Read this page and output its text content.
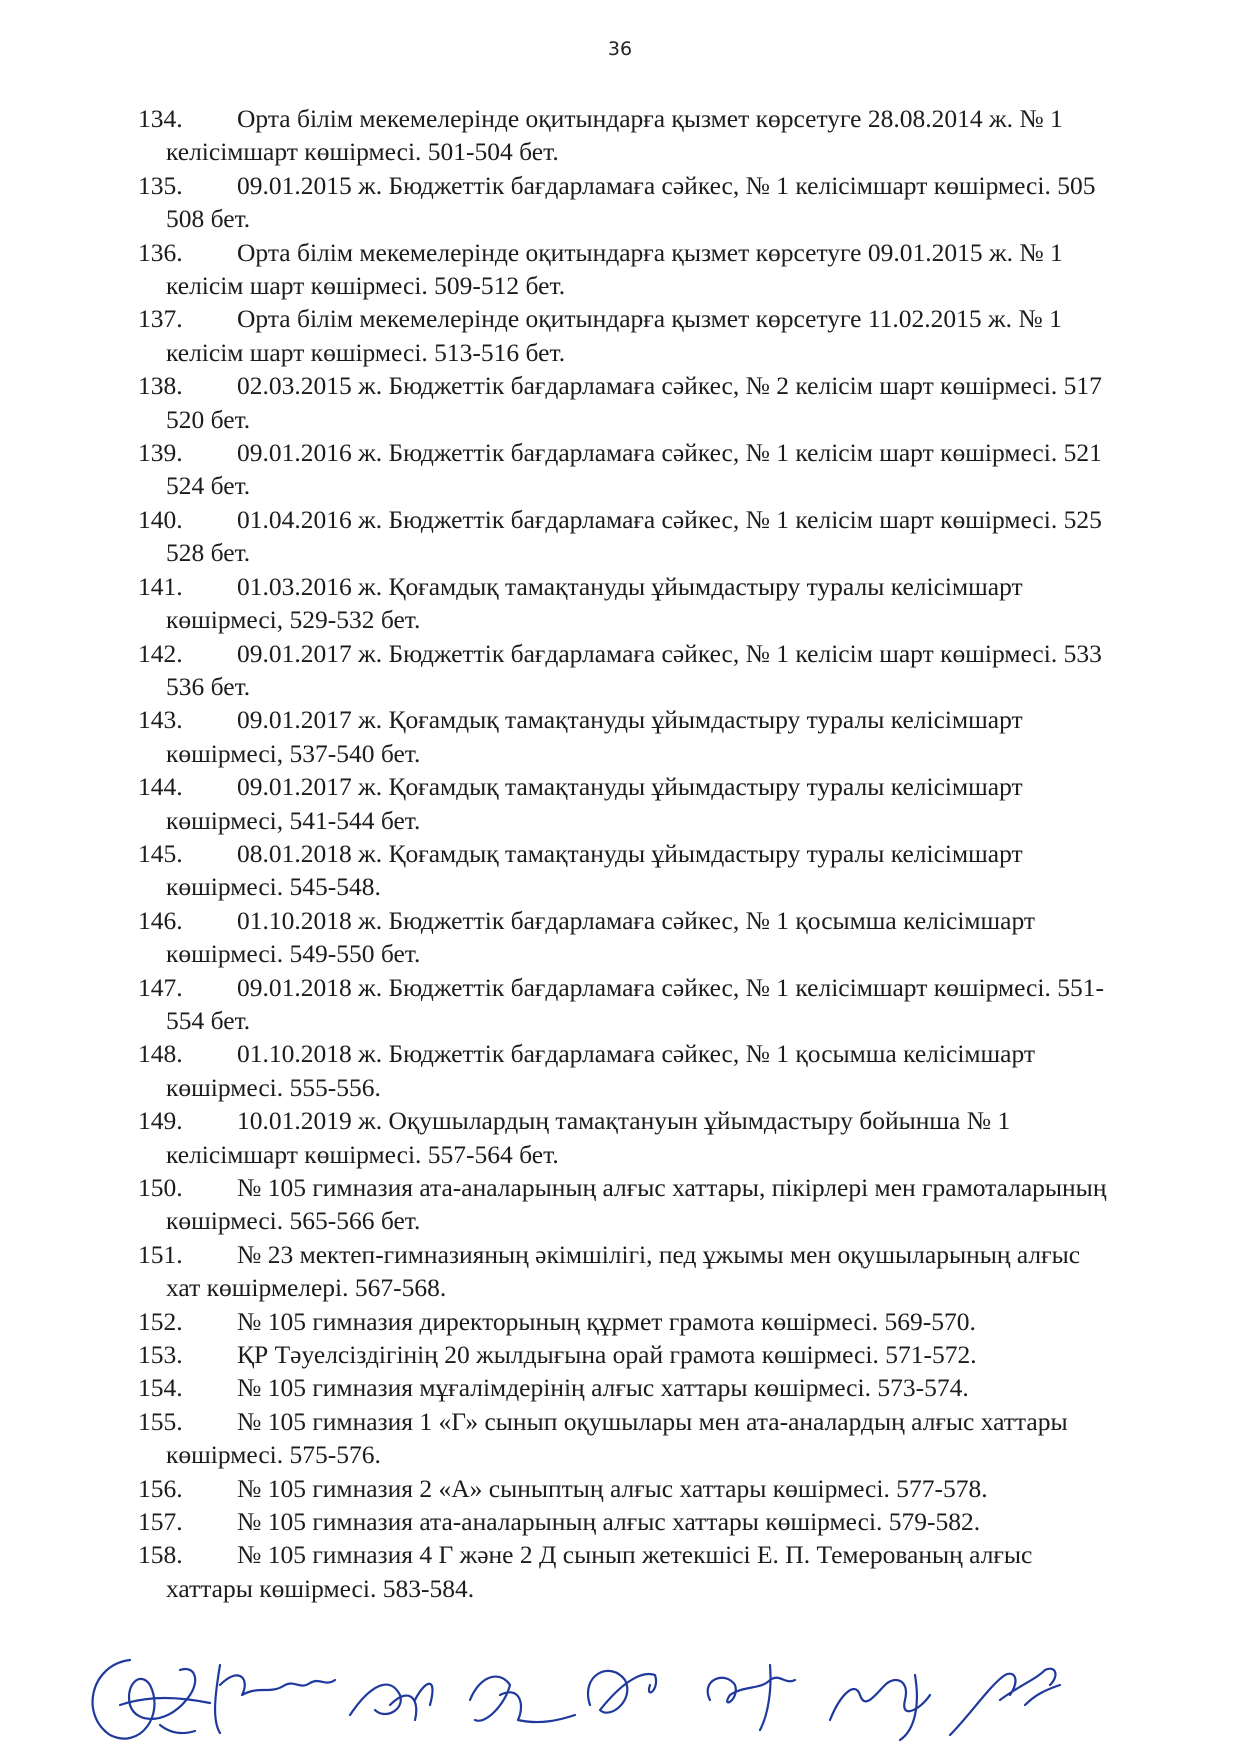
36
134. Орта білім мекемелерінде оқитындарға қызмет көрсетуге 28.08.2014 ж. № 1
келісімшарт көшірмесі. 501-504 бет.
135. 09.01.2015 ж. Бюджеттік бағдарламаға сәйкес, № 1 келісімшарт көшірмесі. 505
508 бет.
136. Орта білім мекемелерінде оқитындарға қызмет көрсетуге 09.01.2015 ж. № 1
келісім шарт көшірмесі. 509-512 бет.
137. Орта білім мекемелерінде оқитындарға қызмет көрсетуге 11.02.2015 ж. № 1
келісім шарт көшірмесі. 513-516 бет.
138. 02.03.2015 ж. Бюджеттік бағдарламаға сәйкес, № 2 келісім шарт көшірмесі. 517
520 бет.
139. 09.01.2016 ж. Бюджеттік бағдарламаға сәйкес, № 1 келісім шарт көшірмесі. 521
524 бет.
140. 01.04.2016 ж. Бюджеттік бағдарламаға сәйкес, № 1 келісім шарт көшірмесі. 525
528 бет.
141. 01.03.2016 ж. Қоғамдық тамақтануды ұйымдастыру туралы келісімшарт
көшірмесі, 529-532 бет.
142. 09.01.2017 ж. Бюджеттік бағдарламаға сәйкес, № 1 келісім шарт көшірмесі. 533
536 бет.
143. 09.01.2017 ж. Қоғамдық тамақтануды ұйымдастыру туралы келісімшарт
көшірмесі, 537-540 бет.
144. 09.01.2017 ж. Қоғамдық тамақтануды ұйымдастыру туралы келісімшарт
көшірмесі, 541-544 бет.
145. 08.01.2018 ж. Қоғамдық тамақтануды ұйымдастыру туралы келісімшарт
көшірмесі. 545-548.
146. 01.10.2018 ж. Бюджеттік бағдарламаға сәйкес, № 1 қосымша келісімшарт
көшірмесі. 549-550 бет.
147. 09.01.2018 ж. Бюджеттік бағдарламаға сәйкес, № 1 келісімшарт көшірмесі. 551-
554 бет.
148. 01.10.2018 ж. Бюджеттік бағдарламаға сәйкес, № 1 қосымша келісімшарт
көшірмесі. 555-556.
149. 10.01.2019 ж. Оқушылардың тамақтануын ұйымдастыру бойынша № 1
келісімшарт көшірмесі. 557-564 бет.
150. № 105 гимназия ата-аналарының алғыс хаттары, пікірлері мен грамоталарының
көшірмесі. 565-566 бет.
151. № 23 мектеп-гимназияның әкімшілігі, пед ұжымы мен оқушыларының алғыс
хат көшірмелері. 567-568.
152. № 105 гимназия директорының құрмет грамота көшірмесі. 569-570.
153. ҚР Тәуелсіздігінің 20 жылдығына орай грамота көшірмесі. 571-572.
154. № 105 гимназия мұғалімдерінің алғыс хаттары көшірмесі. 573-574.
155. № 105 гимназия 1 «Г» сынып оқушылары мен ата-аналардың алғыс хаттары
көшірмесі. 575-576.
156. № 105 гимназия 2 «А» сыныптың алғыс хаттары көшірмесі. 577-578.
157. № 105 гимназия ата-аналарының алғыс хаттары көшірмесі. 579-582.
158. № 105 гимназия 4 Г және 2 Д сынып жетекшісі Е. П. Темерованың алғыс
хаттары көшірмесі. 583-584.
